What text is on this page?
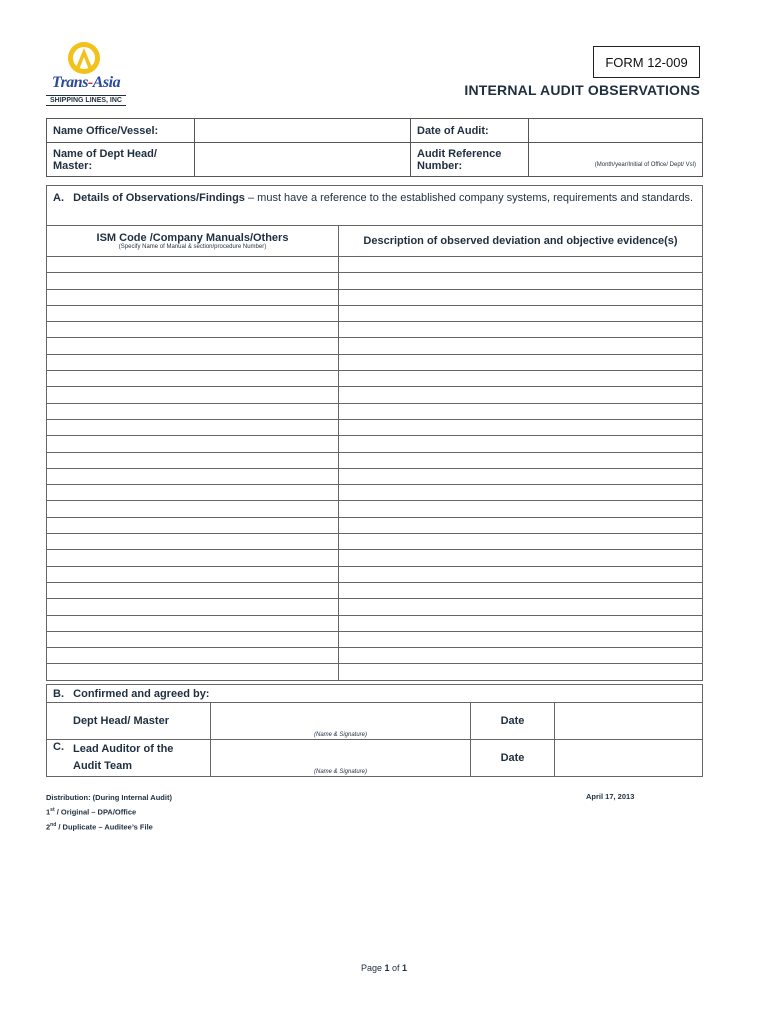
Trans-Asia
SHIPPING LINES, INC
FORM 12-009
INTERNAL AUDIT OBSERVATIONS
Name Office/Vessel:		Date of Audit:	
Name of Dept Head/ Master:		Audit Reference Number:	(Month/year/Initial of Office/ Dept/ Vsl)
A. Details of Observations/Findings – must have a reference to the established company systems, requirements and standards.	
ISM Code /Company Manuals/Others
(Specify Name of Manual & section/procedure Number)	Description of observed deviation and objective evidence(s)

B. Confirmed and agreed by:			
Dept Head/ Master	(Name & Signature)	Date	

C. Lead Auditor of the Audit Team	(Name & Signature)	Date	
Distribution: (During Internal Audit)
1st / Original – DPA/Office
2nd / Duplicate – Auditee’s File
April 17, 2013
Page 1 of 1
